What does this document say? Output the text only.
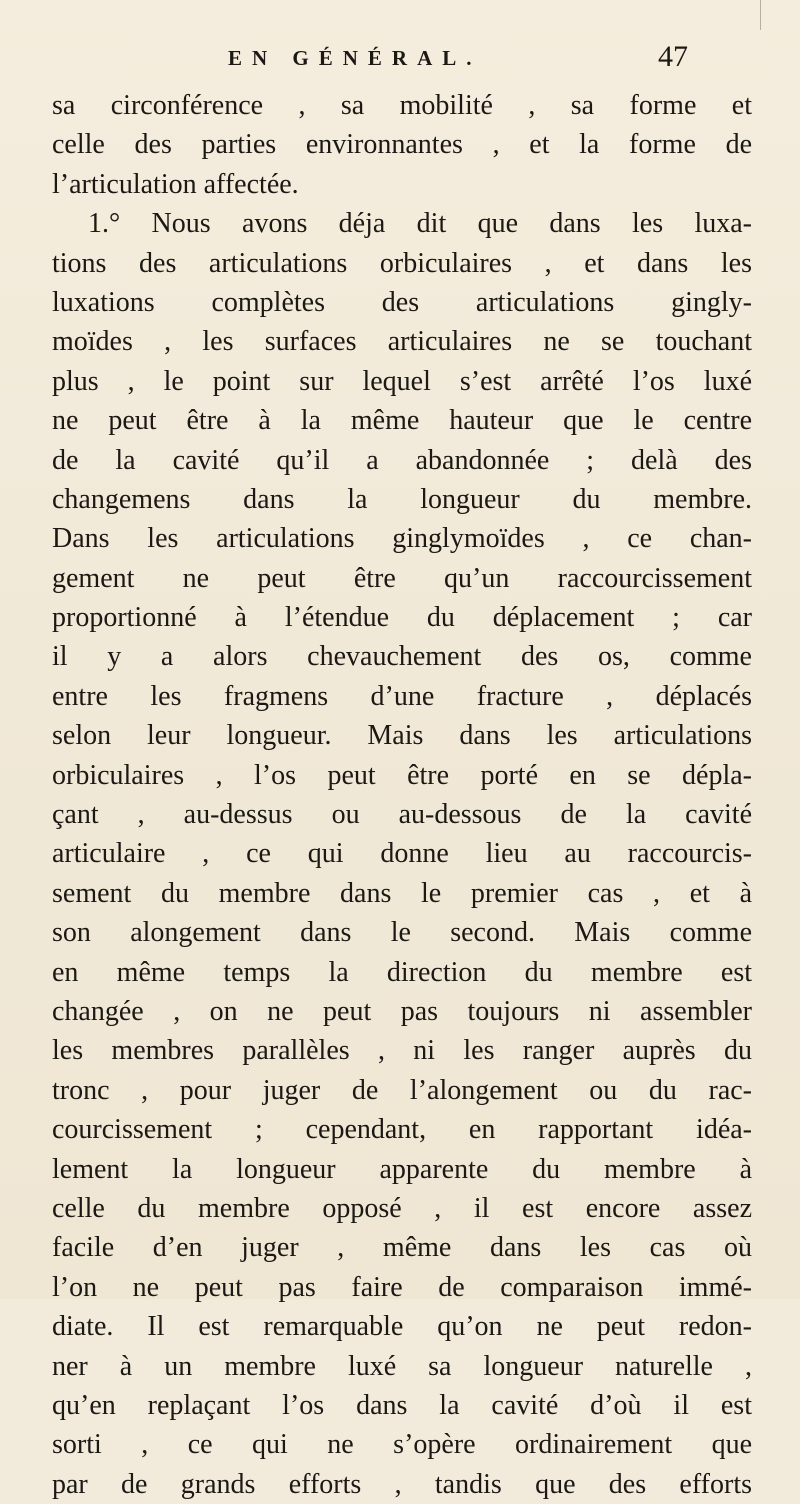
EN GÉNÉRAL.	47
sa circonférence , sa mobilité , sa forme et
celle des parties environnantes , et la forme de
l’articulation affectée.
1.° Nous avons déja dit que dans les luxa-
tions des articulations orbiculaires , et dans les
luxations complètes des articulations gingly-
moïdes , les surfaces articulaires ne se touchant
plus , le point sur lequel s’est arrêté l’os luxé
ne peut être à la même hauteur que le centre
de la cavité qu’il a abandonnée ; delà des
changemens dans la longueur du membre.
Dans les articulations ginglymoïdes , ce chan-
gement ne peut être qu’un raccourcissement
proportionné à l’étendue du déplacement ; car
il y a alors chevauchement des os, comme
entre les fragmens d’une fracture , déplacés
selon leur longueur. Mais dans les articulations
orbiculaires , l’os peut être porté en se dépla-
çant , au-dessus ou au-dessous de la cavité
articulaire , ce qui donne lieu au raccourcis-
sement du membre dans le premier cas , et à
son alongement dans le second. Mais comme
en même temps la direction du membre est
changée , on ne peut pas toujours ni assembler
les membres parallèles , ni les ranger auprès du
tronc , pour juger de l’alongement ou du rac-
courcissement ; cependant, en rapportant idéa-
lement la longueur apparente du membre à
celle du membre opposé , il est encore assez
facile d’en juger , même dans les cas où
l’on ne peut pas faire de comparaison immé-
diate. Il est remarquable qu’on ne peut redon-
ner à un membre luxé sa longueur naturelle ,
qu’en replaçant l’os dans la cavité d’où il est
sorti , ce qui ne s’opère ordinairement que
par de grands efforts , tandis que des efforts
